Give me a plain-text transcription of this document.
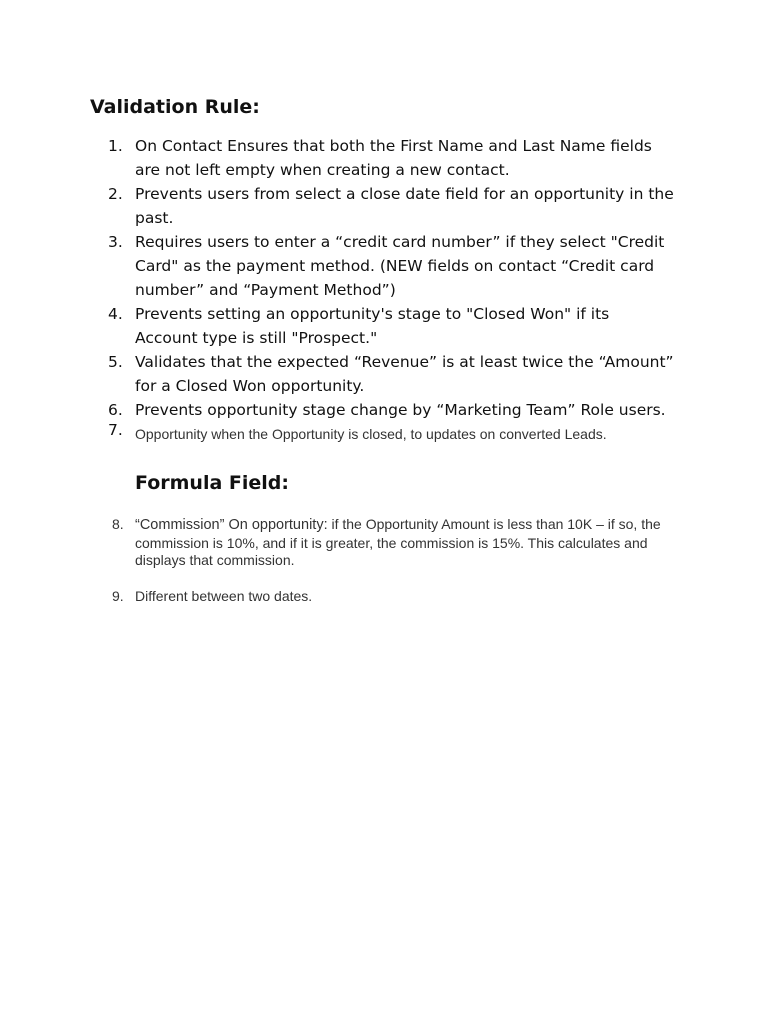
Validation Rule:
1. On Contact Ensures that both the First Name and Last Name fields are not left empty when creating a new contact.
2. Prevents users from select a close date field for an opportunity in the past.
3. Requires users to enter a “credit card number” if they select "Credit Card" as the payment method. (NEW fields on contact “Credit card number” and “Payment Method”)
4. Prevents setting an opportunity's stage to "Closed Won" if its Account type is still "Prospect."
5. Validates that the expected “Revenue” is at least twice the “Amount” for a Closed Won opportunity.
6. Prevents opportunity stage change by “Marketing Team” Role users.
7. Opportunity when the Opportunity is closed, to updates on converted Leads.
Formula Field:
8. “Commission” On opportunity: if the Opportunity Amount is less than 10K – if so, the commission is 10%, and if it is greater, the commission is 15%. This calculates and displays that commission.
9. Different between two dates.
